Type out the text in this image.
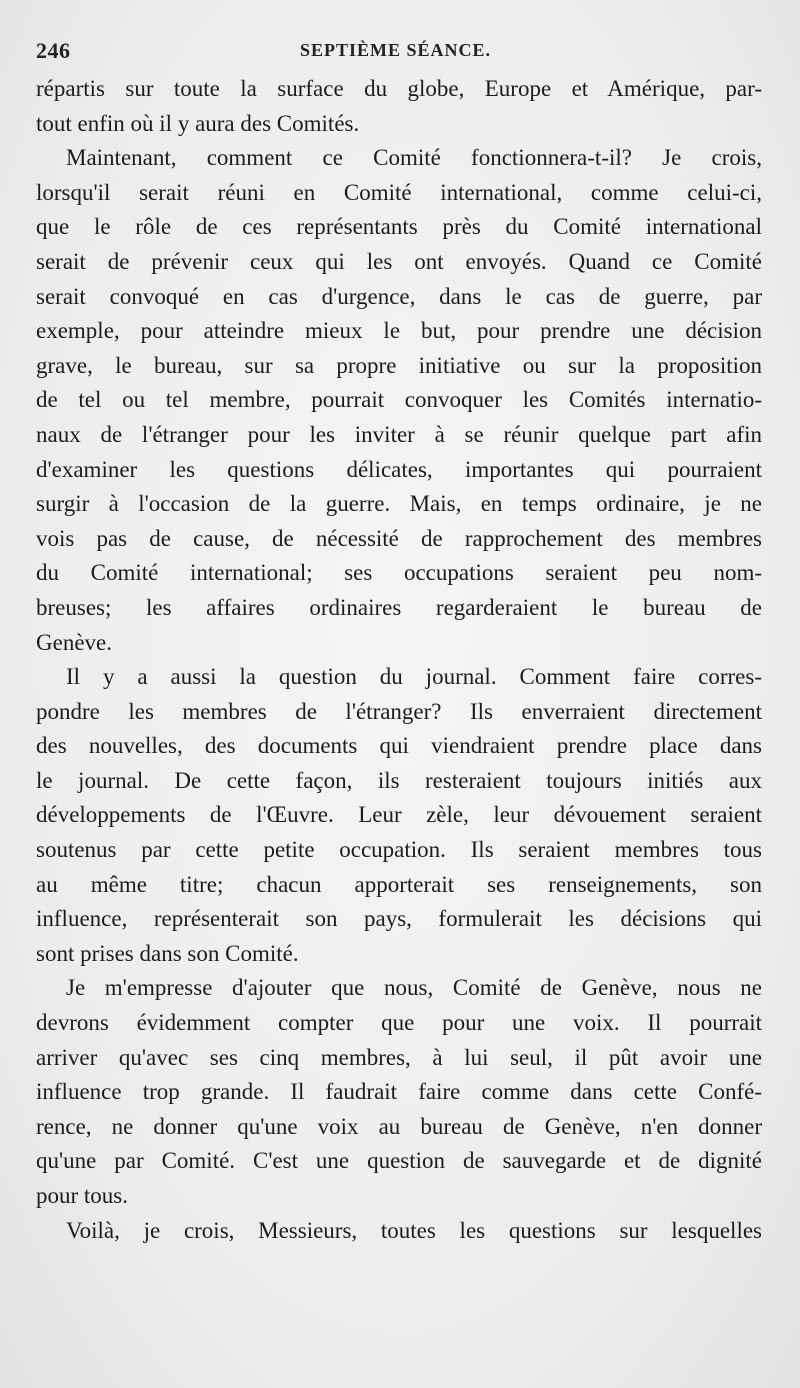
246	SEPTIÈME SÉANCE.
répartis sur toute la surface du globe, Europe et Amérique, par-
tout enfin où il y aura des Comités.
Maintenant, comment ce Comité fonctionnera-t-il? Je crois,
lorsqu'il serait réuni en Comité international, comme celui-ci,
que le rôle de ces représentants près du Comité international
serait de prévenir ceux qui les ont envoyés. Quand ce Comité
serait convoqué en cas d'urgence, dans le cas de guerre, par
exemple, pour atteindre mieux le but, pour prendre une décision
grave, le bureau, sur sa propre initiative ou sur la proposition
de tel ou tel membre, pourrait convoquer les Comités internatio-
naux de l'étranger pour les inviter à se réunir quelque part afin
d'examiner les questions délicates, importantes qui pourraient
surgir à l'occasion de la guerre. Mais, en temps ordinaire, je ne
vois pas de cause, de nécessité de rapprochement des membres
du Comité international; ses occupations seraient peu nom-
breuses; les affaires ordinaires regarderaient le bureau de
Genève.
Il y a aussi la question du journal. Comment faire corres-
pondre les membres de l'étranger? Ils enverraient directement
des nouvelles, des documents qui viendraient prendre place dans
le journal. De cette façon, ils resteraient toujours initiés aux
développements de l'Œuvre. Leur zèle, leur dévouement seraient
soutenus par cette petite occupation. Ils seraient membres tous
au même titre; chacun apporterait ses renseignements, son
influence, représenterait son pays, formulerait les décisions qui
sont prises dans son Comité.
Je m'empresse d'ajouter que nous, Comité de Genève, nous ne
devrons évidemment compter que pour une voix. Il pourrait
arriver qu'avec ses cinq membres, à lui seul, il pût avoir une
influence trop grande. Il faudrait faire comme dans cette Confé-
rence, ne donner qu'une voix au bureau de Genève, n'en donner
qu'une par Comité. C'est une question de sauvegarde et de dignité
pour tous.
Voilà, je crois, Messieurs, toutes les questions sur lesquelles
